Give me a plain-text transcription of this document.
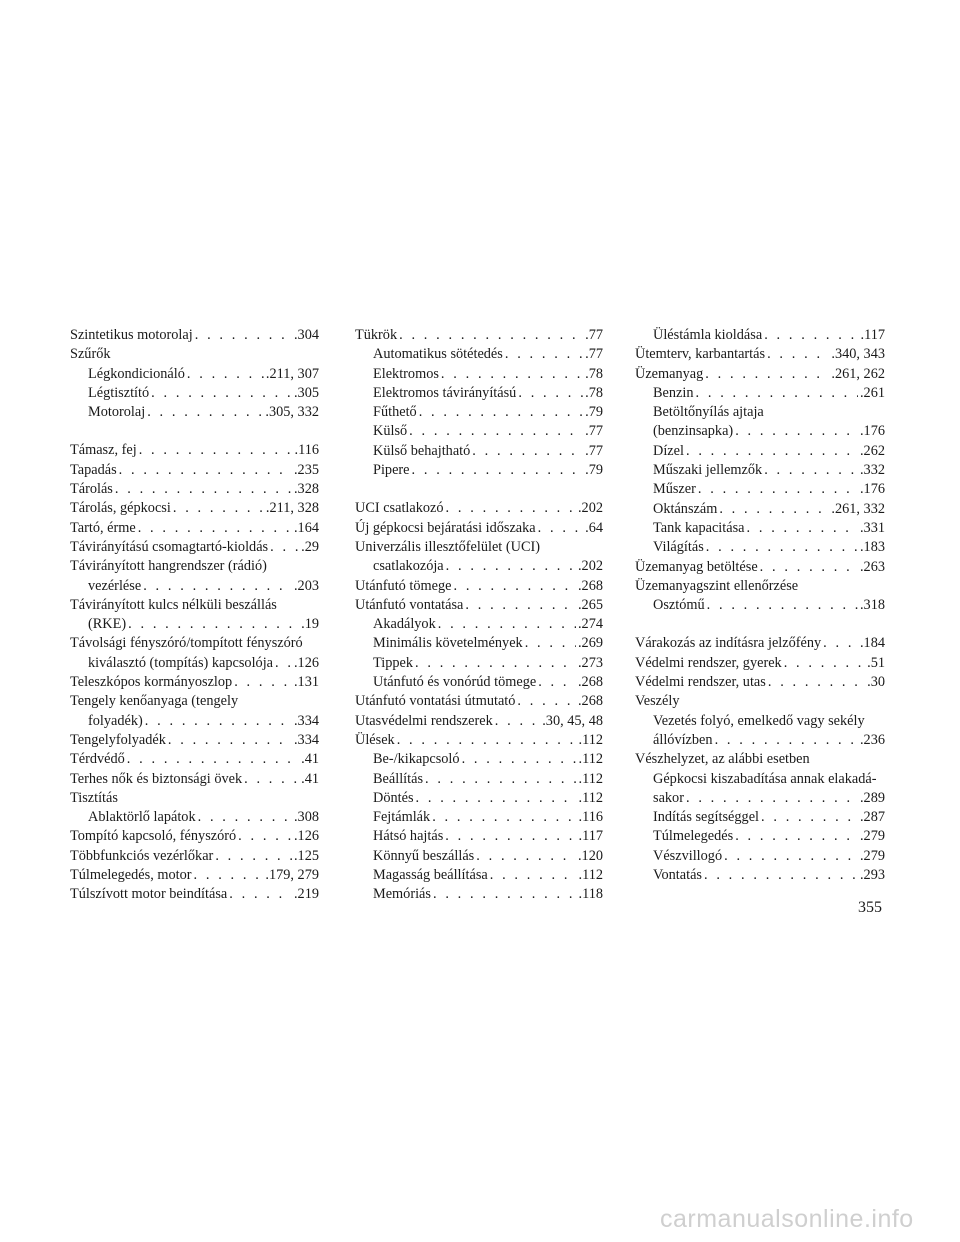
Szintetikus motorolaj . . .	.304
Szűrők
Légkondicionáló . . .	.211, 307
Légtisztító . . .	.305
Motorolaj . . .	.305, 332
Támasz, fej . . .	.116
Tapadás . . .	.235
Tárolás . . .	.328
Tárolás, gépkocsi . . .	.211, 328
Tartó, érme . . .	.164
Távirányítású csomagtartó-kioldás . . . .29
Távirányított hangrendszer (rádió)
vezérlése . . .	.203
Távirányított kulcs nélküli beszállás
(RKE) . . .	.19
Távolsági fényszóró/tompított fényszóró
kiválasztó (tompítás) kapcsolója . . . .126
Teleszkópos kormányoszlop . . .	.131
Tengely kenőanyaga (tengely
folyadék) . . .	.334
Tengelyfolyadék . . .	.334
Térdvédő . . .	.41
Terhes nők és biztonsági övek . . .	.41
Tisztítás
Ablaktörlő lapátok . . .	.308
Tompító kapcsoló, fényszóró . . .	.126
Többfunkciós vezérlőkar . . .	.125
Túlmelegedés, motor . . .	.179, 279
Túlszívott motor beindítása . . .	.219
Tükrök . . .	.77
Automatikus sötétedés . . .	.77
Elektromos . . .	.78
Elektromos távirányítású . . .	.78
Fűthető . . .	.79
Külső . . .	.77
Külső behajtható . . .	.77
Pipere . . .	.79
UCI csatlakozó . . .	.202
Új gépkocsi bejáratási időszaka . . .	.64
Univerzális illesztőfelület (UCI)
csatlakozója . . .	.202
Utánfutó tömege . . .	.268
Utánfutó vontatása . . .	.265
Akadályok . . .	.274
Minimális követelmények . . .	.269
Tippek . . .	.273
Utánfutó és vonórúd tömege . . .	.268
Utánfutó vontatási útmutató . . .	.268
Utasvédelmi rendszerek . . .	.30, 45, 48
Ülések . . .	.112
Be-/kikapcsoló . . .	.112
Beállítás . . .	.112
Döntés . . .	.112
Fejtámlák . . .	.116
Hátsó hajtás . . .	.117
Könnyű beszállás . . .	.120
Magasság beállítása . . .	.112
Memóriás . . .	.118
Üléstámla kioldása . . .	.117
Ütemterv, karbantartás . . .	.340, 343
Üzemanyag . . .	.261, 262
Benzin . . .	.261
Betöltőnyílás ajtaja
(benzinsapka) . . .	.176
Dízel . . .	.262
Műszaki jellemzők . . .	.332
Műszer . . .	.176
Oktánszám . . .	.261, 332
Tank kapacitása . . .	.331
Világítás . . .	.183
Üzemanyag betöltése . . .	.263
Üzemanyagszint ellenőrzése
Osztómű . . .	.318
Várakozás az indításra jelzőfény . . .	.184
Védelmi rendszer, gyerek . . .	.51
Védelmi rendszer, utas . . .	.30
Veszély
Vezetés folyó, emelkedő vagy sekély
állóvízben . . .	.236
Vészhelyzet, az alábbi esetben
Gépkocsi kiszabadítása annak elakadá-
sakor . . .	.289
Indítás segítséggel . . .	.287
Túlmelegedés . . .	.279
Vészvillogó . . .	.279
Vontatás . . .	.293
355
carmanualsonline.info
